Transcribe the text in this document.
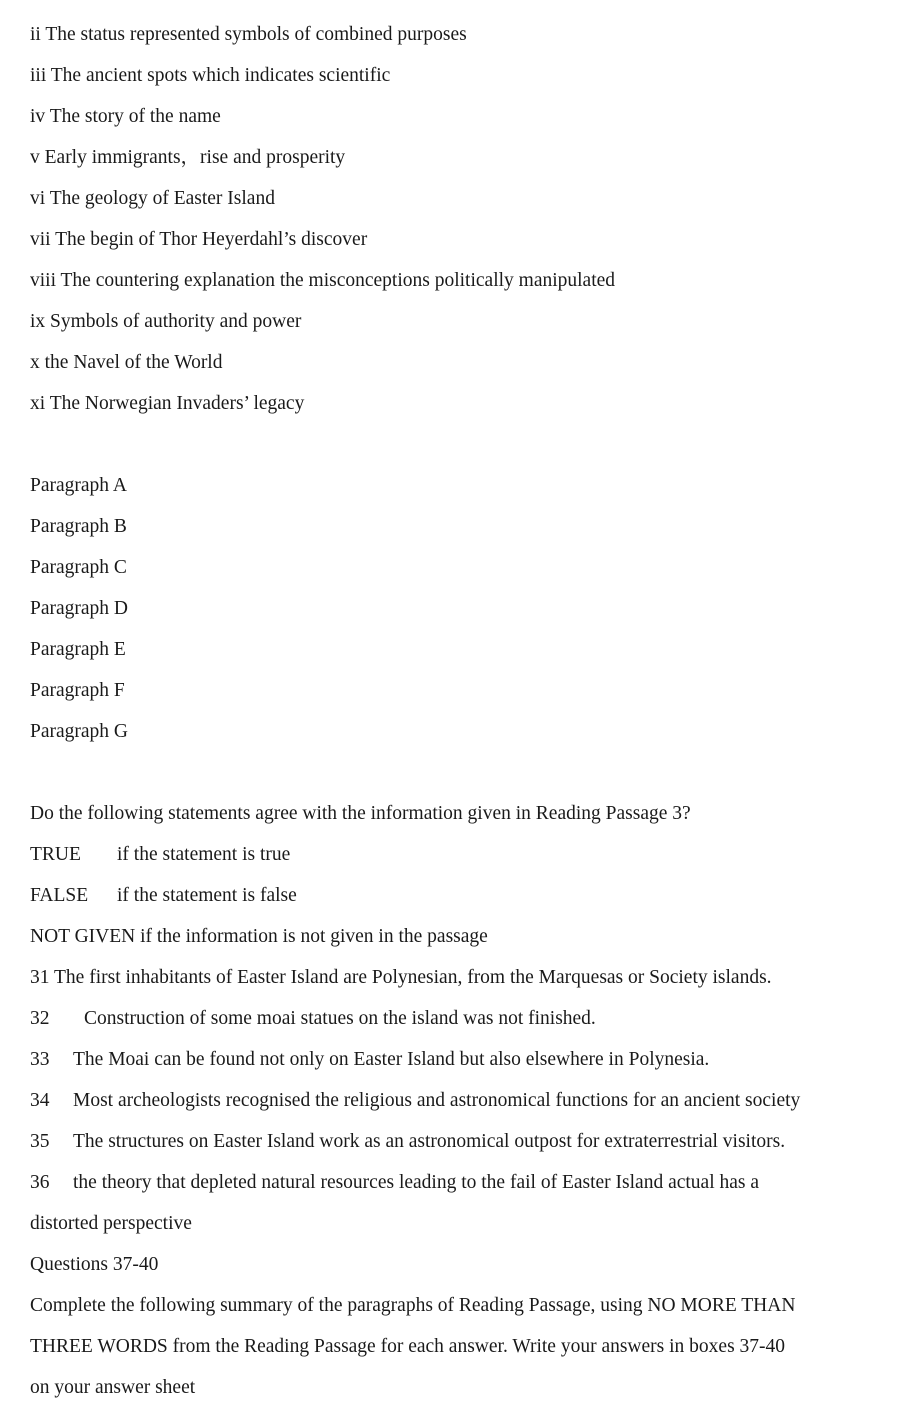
ii The status represented symbols of combined purposes
iii The ancient spots which indicates scientific
iv The story of the name
v Early immigrants，rise and prosperity
vi The geology of Easter Island
vii The begin of Thor Heyerdahl’s discover
viii The countering explanation the misconceptions politically manipulated
ix Symbols of authority and power
x the Navel of the World
xi The Norwegian Invaders’ legacy
Paragraph A
Paragraph B
Paragraph C
Paragraph D
Paragraph E
Paragraph F
Paragraph G
Do the following statements agree with the information given in Reading Passage 3?
TRUE if the statement is true
FALSE if the statement is false
NOT GIVEN if the information is not given in the passage
31 The first inhabitants of Easter Island are Polynesian, from the Marquesas or Society islands.
32 Construction of some moai statues on the island was not finished.
33 The Moai can be found not only on Easter Island but also elsewhere in Polynesia.
34 Most archeologists recognised the religious and astronomical functions for an ancient society
35 The structures on Easter Island work as an astronomical outpost for extraterrestrial visitors.
36 the theory that depleted natural resources leading to the fail of Easter Island actual has a
distorted perspective
Questions 37-40
Complete the following summary of the paragraphs of Reading Passage, using NO MORE THAN
THREE WORDS from the Reading Passage for each answer. Write your answers in boxes 37-40
on your answer sheet
